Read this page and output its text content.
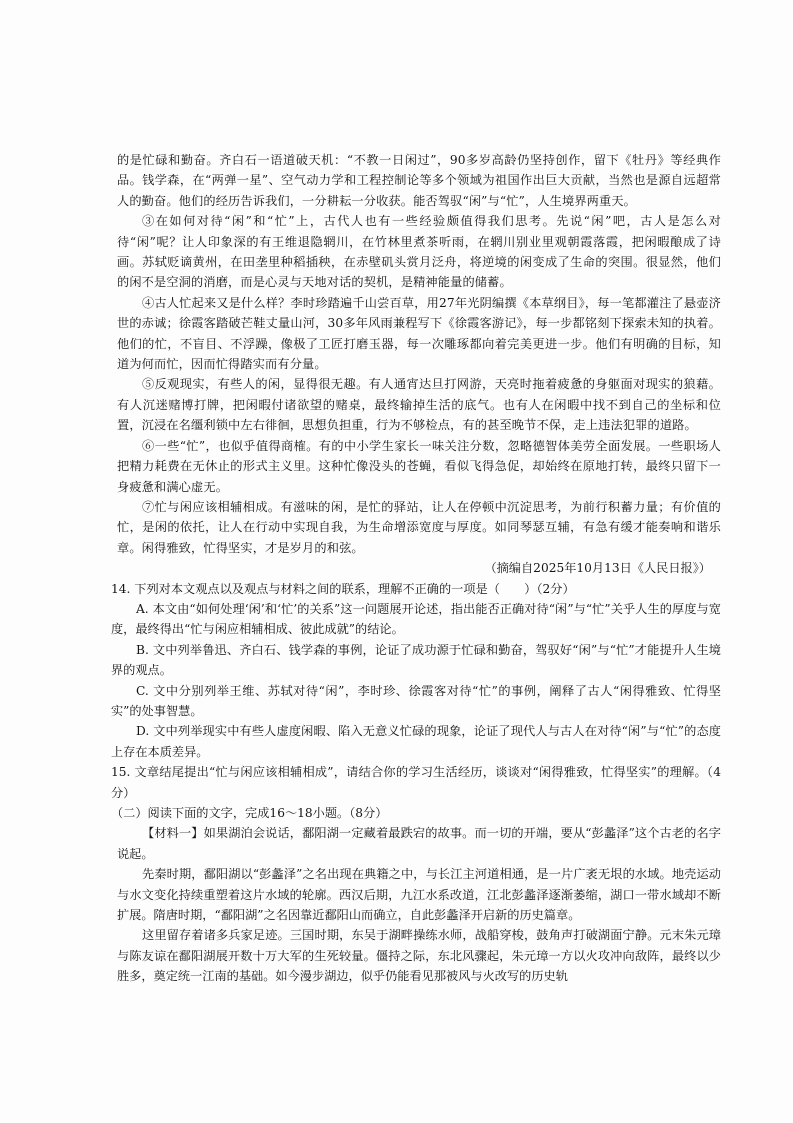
的是忙碌和勤奋。齐白石一语道破天机：“不教一日闲过”，90多岁高龄仍坚持创作，留下《牡丹》等经典作品。钱学森，在“两弹一星”、空气动力学和工程控制论等多个领域为祖国作出巨大贡献，当然也是源自远超常人的勤奋。他们的经历告诉我们，一分耕耘一分收获。能否驾驭“闲”与“忙”，人生境界两重天。

③在如何对待“闲”和“忙”上，古代人也有一些经验颇值得我们思考。先说“闲”吧，古人是怎么对待“闲”呢？让人印象深的有王维退隐辋川，在竹林里煮茶听雨，在辋川别业里观朝霞落霞，把闲暇酿成了诗画。苏轼贬谪黄州，在田垄里种稻插秧，在赤壁矶头赏月泛舟，将逆境的闲变成了生命的突围。很显然，他们的闲不是空洞的消磨，而是心灵与天地对话的契机，是精神能量的储蓄。

④古人忙起来又是什么样？李时珍踏遍千山尝百草，用27年光阴编撰《本草纲目》，每一笔都灌注了悬壶济世的赤诚；徐霞客踏破芒鞋丈量山河，30多年风雨兼程写下《徐霞客游记》，每一步都铭刻下探索未知的执着。他们的忙，不盲目、不浮躁，像极了工匠打磨玉器，每一次雕琢都向着完美更进一步。他们有明确的目标，知道为何而忙，因而忙得踏实而有分量。

⑤反观现实，有些人的闲，显得很无趣。有人通宵达旦打网游，天亮时拖着疲惫的身躯面对现实的狼藉。有人沉迷赌博打牌，把闲暇付诸欲望的赌桌，最终输掉生活的底气。也有人在闲暇中找不到自己的坐标和位置，沉浸在名缰利锁中左右徘徊，思想负担重，行为不够检点，有的甚至晚节不保，走上违法犯罪的道路。

⑥一些“忙”，也似乎值得商榷。有的中小学生家长一味关注分数，忽略德智体美劳全面发展。一些职场人把精力耗费在无休止的形式主义里。这种忙像没头的苍蝇，看似飞得急促，却始终在原地打转，最终只留下一身疲惫和满心虚无。

⑦忙与闲应该相辅相成。有滋味的闲，是忙的驿站，让人在停顿中沉淀思考，为前行积蓄力量；有价值的忙，是闲的依托，让人在行动中实现自我，为生命增添宽度与厚度。如同琴瑟互辅，有急有缓才能奏响和谐乐章。闲得雅致，忙得坚实，才是岁月的和弦。

（摘编自2025年10月13日《人民日报》）

14. 下列对本文观点以及观点与材料之间的联系，理解不正确的一项是（　　）（2分）

A. 本文由“如何处理‘闲’和‘忙’的关系”这一问题展开论述，指出能否正确对待“闲”与“忙”关乎人生的厚度与宽度，最终得出“忙与闲应相辅相成、彼此成就”的结论。

B. 文中列举鲁迅、齐白石、钱学森的事例，论证了成功源于忙碌和勤奋，驾驭好“闲”与“忙”才能提升人生境界的观点。

C. 文中分别列举王维、苏轼对待“闲”，李时珍、徐霞客对待“忙”的事例，阐释了古人“闲得雅致、忙得坚实”的处事智慧。

D. 文中列举现实中有些人虚度闲暇、陷入无意义忙碌的现象，论证了现代人与古人在对待“闲”与“忙”的态度上存在本质差异。

15. 文章结尾提出“忙与闲应该相辅相成”，请结合你的学习生活经历，谈谈对“闲得雅致，忙得坚实”的理解。（4分）

（二）阅读下面的文字，完成16～18小题。（8分）

【材料一】如果湖泊会说话，鄱阳湖一定藏着最跌宕的故事。而一切的开端，要从“彭蠡泽”这个古老的名字说起。

先秦时期，鄱阳湖以“彭蠡泽”之名出现在典籍之中，与长江主河道相通，是一片广袤无垠的水域。地壳运动与水文变化持续重塑着这片水域的轮廓。西汉后期，九江水系改道，江北彭蠡泽逐渐萎缩，湖口一带水域却不断扩展。隋唐时期，“鄱阳湖”之名因靠近鄱阳山而确立，自此彭蠡泽开启新的历史篇章。

这里留存着诸多兵家足迹。三国时期，东吴于湖畔操练水师，战船穿梭，鼓角声打破湖面宁静。元末朱元璋与陈友谅在鄱阳湖展开数十万大军的生死较量。僵持之际，东北风骤起，朱元璋一方以火攻冲向敌阵，最终以少胜多，奠定统一江南的基础。如今漫步湖边，似乎仍能看见那被风与火改写的历史轨
